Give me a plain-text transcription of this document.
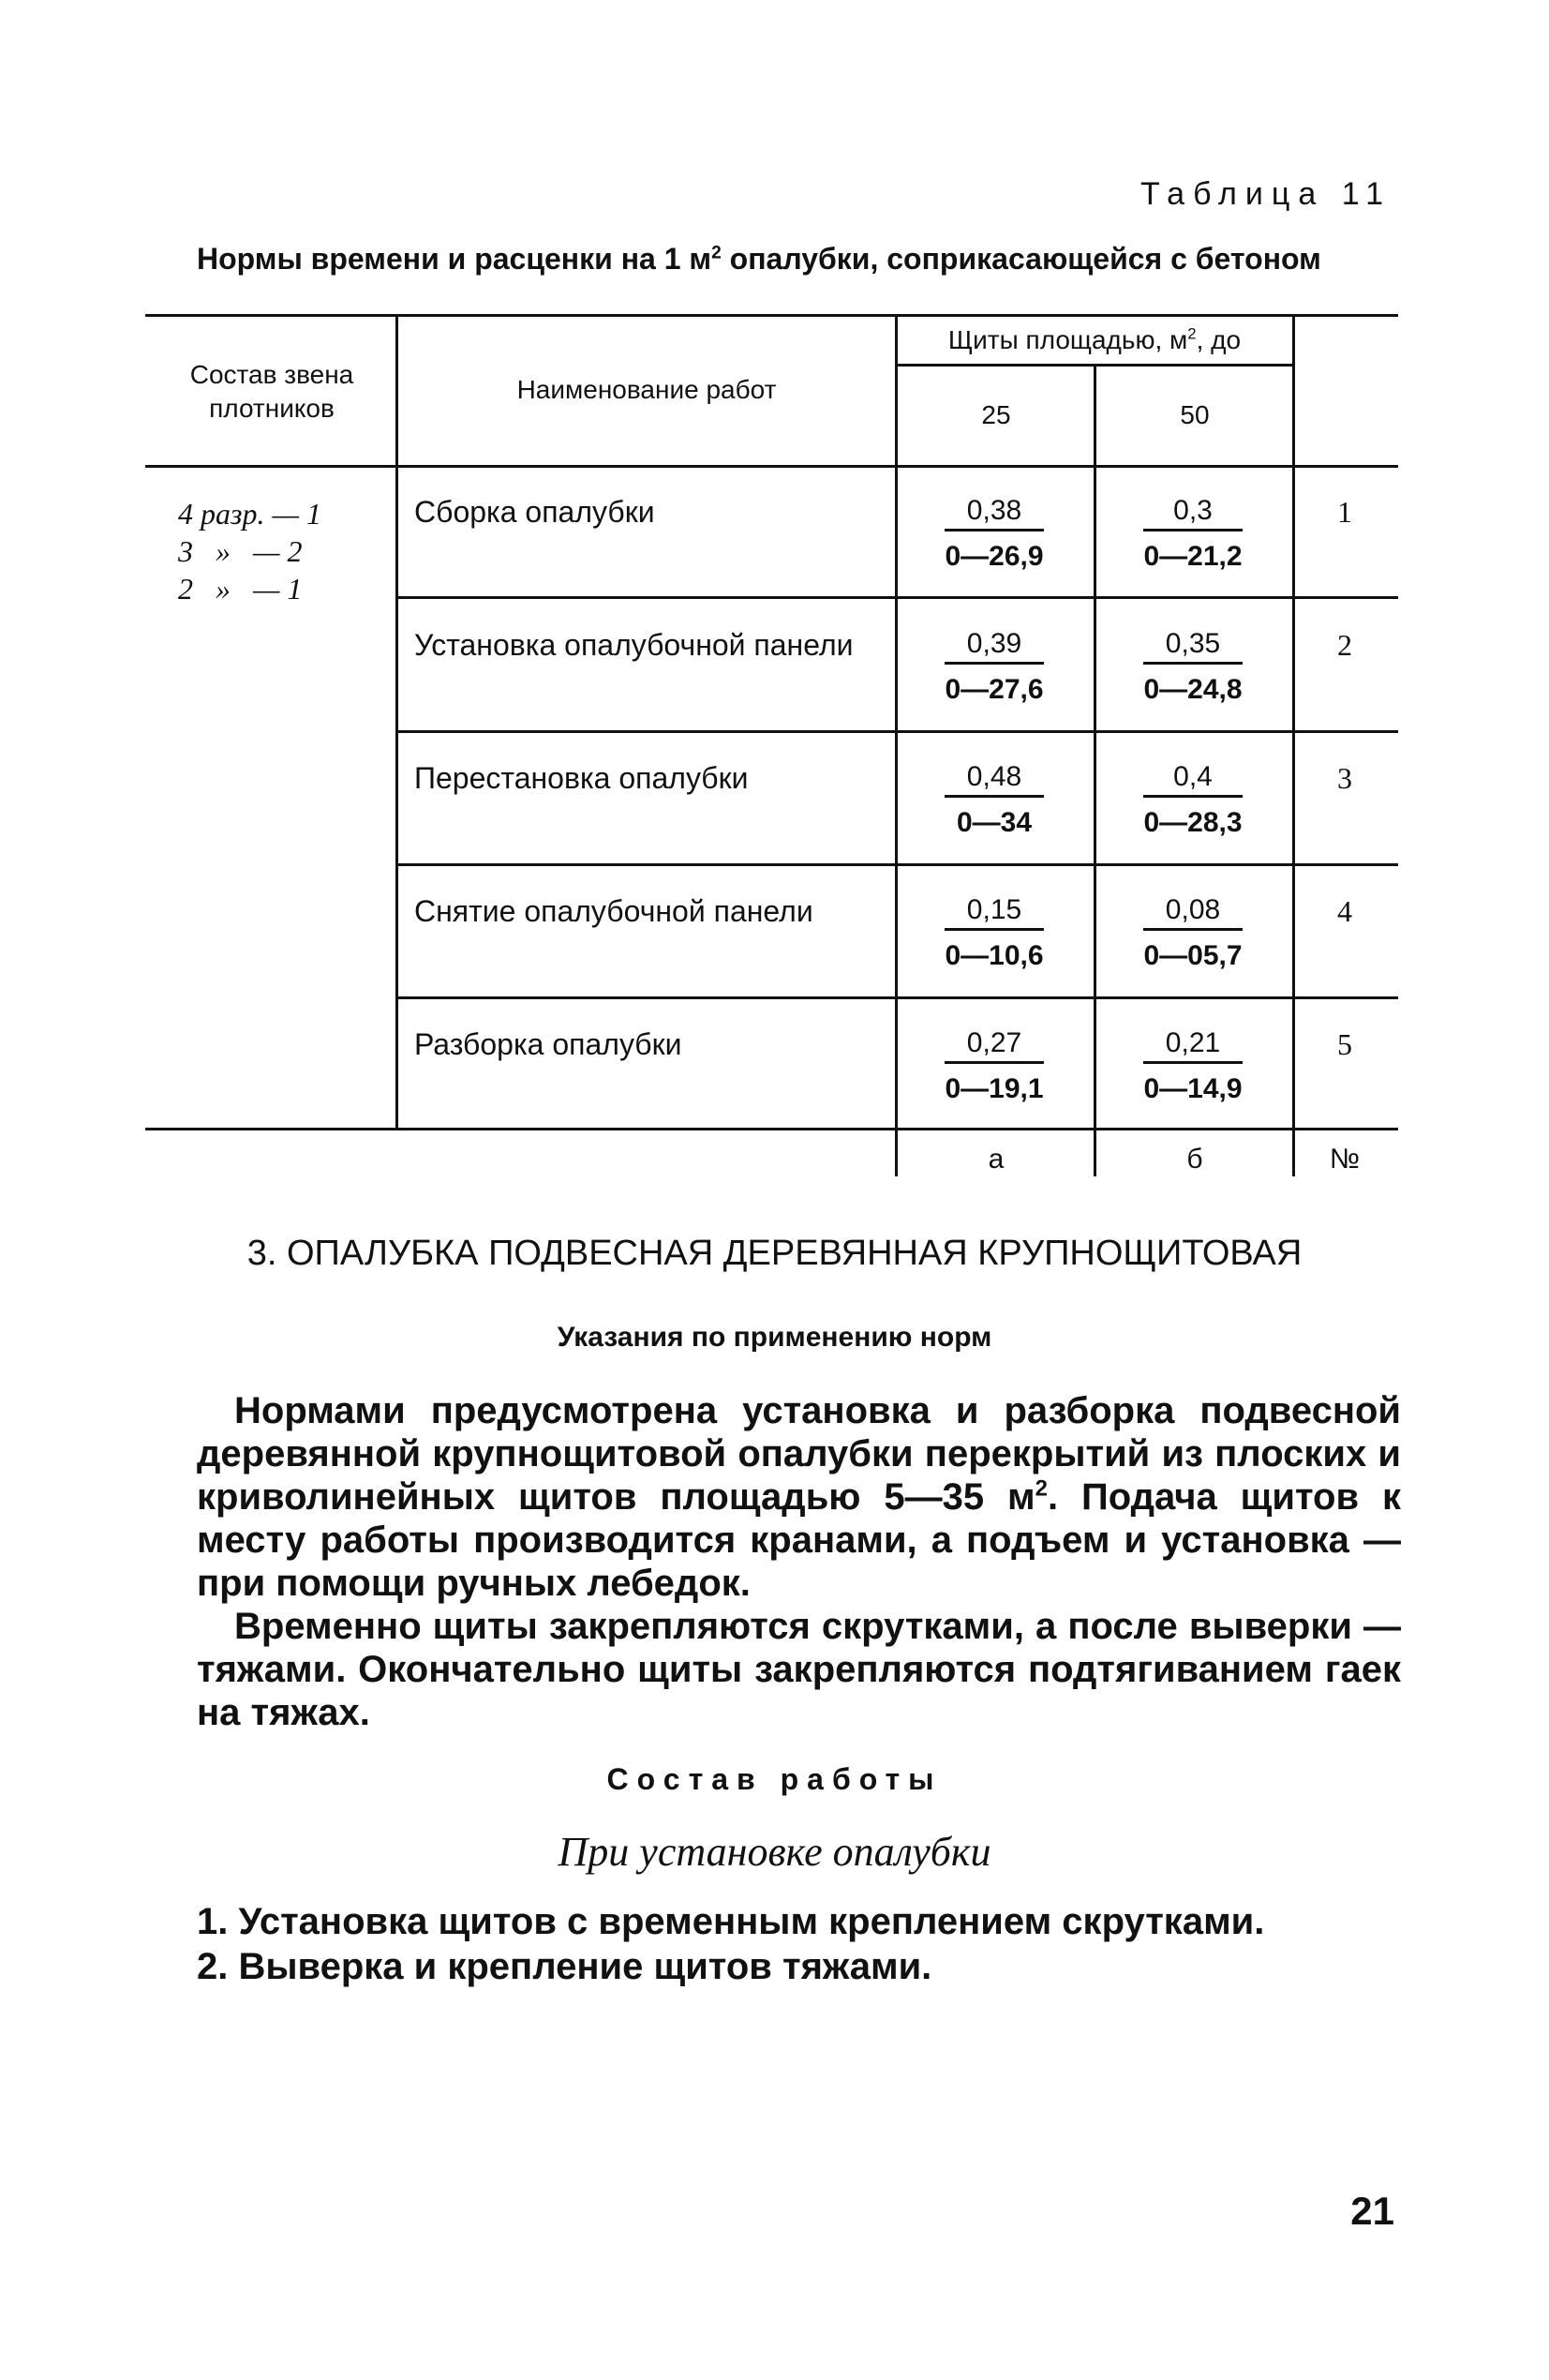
Таблица 11
Нормы времени и расценки на 1 $м^2$ опалубки, соприкасающейся с бетоном
Состав звена плотников
Наименование работ
Щиты площадью, $м^2$, до
25	50
4 разр. — 1
3   »   — 2
2   »   — 1
Сборка опалубки	$\frac{0,38}{0—26,9} \frac{0,3}{0—21,2}$	1
Установка опалубочной панели $\frac{0,39}{0—27,6} \frac{0,35}{0—24,8}$	2
Перестановка опалубки	$\frac{0,48}{0—34} \frac{0,4}{0—28,3}$	3
Снятие опалубочной панели	$\frac{0,15}{0—10,6} \frac{0,08}{0—05,7}$	4
Разборка опалубки	$\frac{0,27}{0—19,1} \frac{0,21}{0—14,9}$	5
а	б	№
3. ОПАЛУБКА ПОДВЕСНАЯ ДЕРЕВЯННАЯ КРУПНОЩИТОВАЯ
Указания по применению норм
Нормами предусмотрена установка и разборка подвесной деревянной крупнощитовой опалубки перекрытий из плоских и криволинейных щитов площадью 5—35 $м^2$. Подача щитов к месту работы производится кранами, а подъем и установка — при помощи ручных лебедок.
Временно щиты закрепляются скрутками, а после выверки — тяжами. Окончательно щиты закрепляются подтягиванием гаек на тяжах.
Состав работы
При установке опалубки
1. Установка щитов с временным креплением скрутками.
2. Выверка и крепление щитов тяжами.
21
